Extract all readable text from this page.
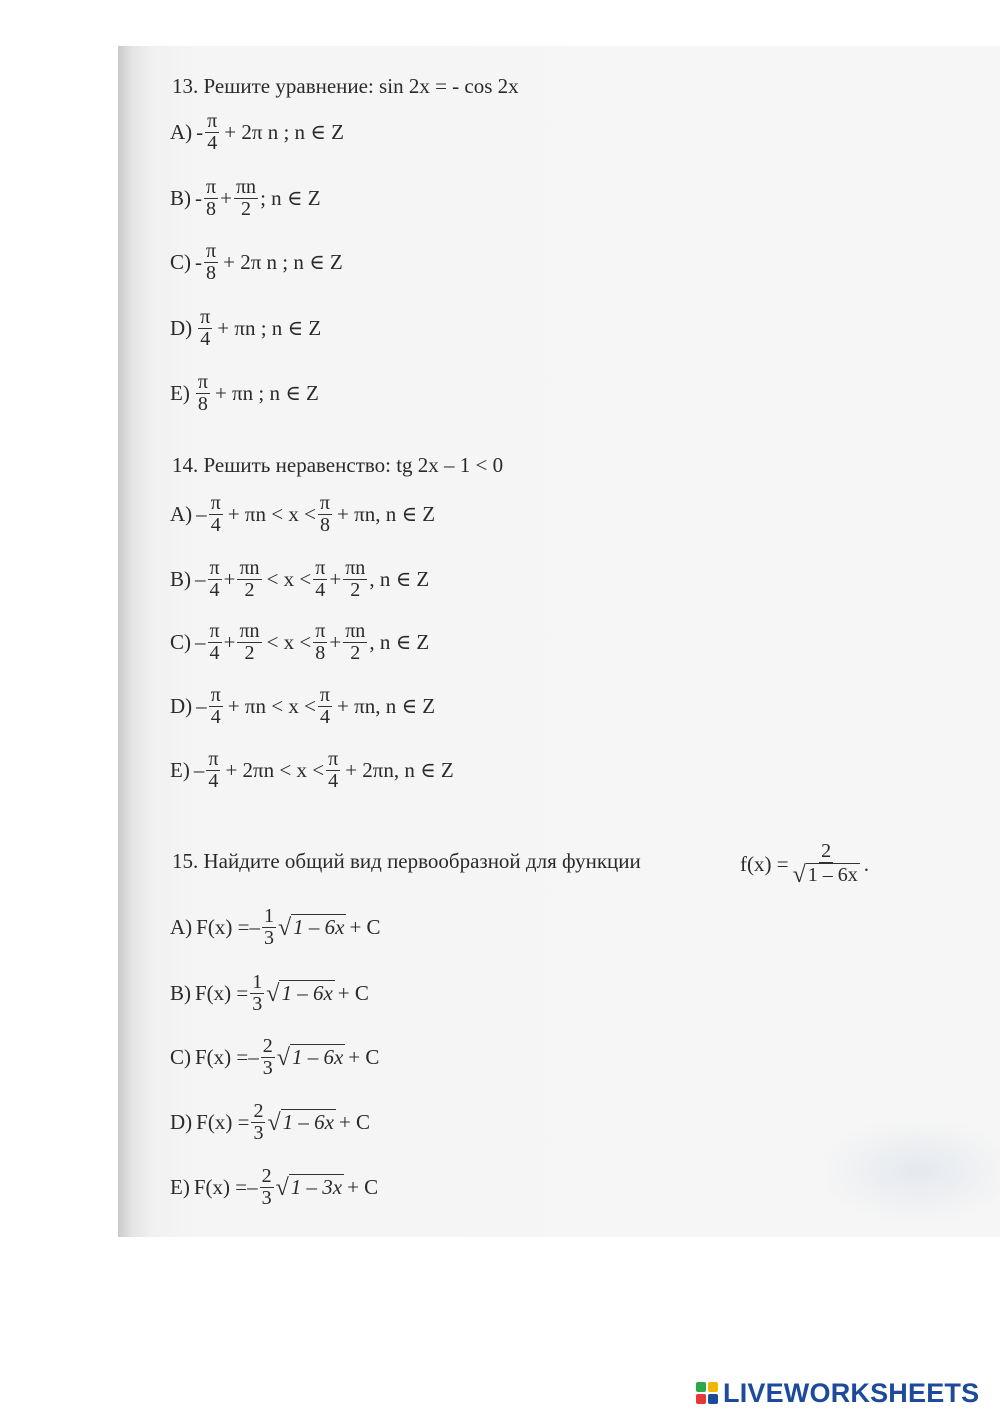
13. Решите уравнение: sin 2x = - cos 2x
$A) - \frac{\pi}{4} + 2\pi$ n ; n ∈ Z
$B) - \frac{\pi}{8} + \frac{\pi n}{2}$ ; n ∈ Z
$C) - \frac{\pi}{8} + 2\pi$ n ; n ∈ Z
$D) \frac{\pi}{4} + \pi n$ ; n ∈ Z
$E) \frac{\pi}{8} + \pi n$ ; n ∈ Z
14. Решить неравенство: tg 2x – 1 < 0
$A) - \frac{\pi}{4} + \pi n < x < \frac{\pi}{8} + \pi n$, n ∈ Z
$B) - \frac{\pi}{4} + \frac{\pi n}{2} < x < \frac{\pi}{4} + \frac{\pi n}{2}$ , n ∈ Z
$C) - \frac{\pi}{4} + \frac{\pi n}{2} < x < \frac{\pi}{8} + \frac{\pi n}{2}$ , n ∈ Z
$D) - \frac{\pi}{4} + \pi n < x < \frac{\pi}{4} + \pi n$, n ∈ Z
$E) - \frac{\pi}{4} + 2\pi n < x < \frac{\pi}{4} + 2\pi n$, n ∈ Z
15. Найдите общий вид первообразной для функции	$f(x) = \frac{2}{√ 1 - 6x}$ .
A) F(x) = – $\frac{1}{3}$ √ 1 – 6x + C
B) $F(x) = \frac{1}{3}$ √ 1 – 6x + C
C) F(x) = – $\frac{2}{3}$ √ 1 – 6x + C
D) $F(x) = \frac{2}{3}$ √ 1 – 6x + C
E) F(x) = – $\frac{2}{3}$ √ 1 – 3x + C
LIVEWORKSHEETS
